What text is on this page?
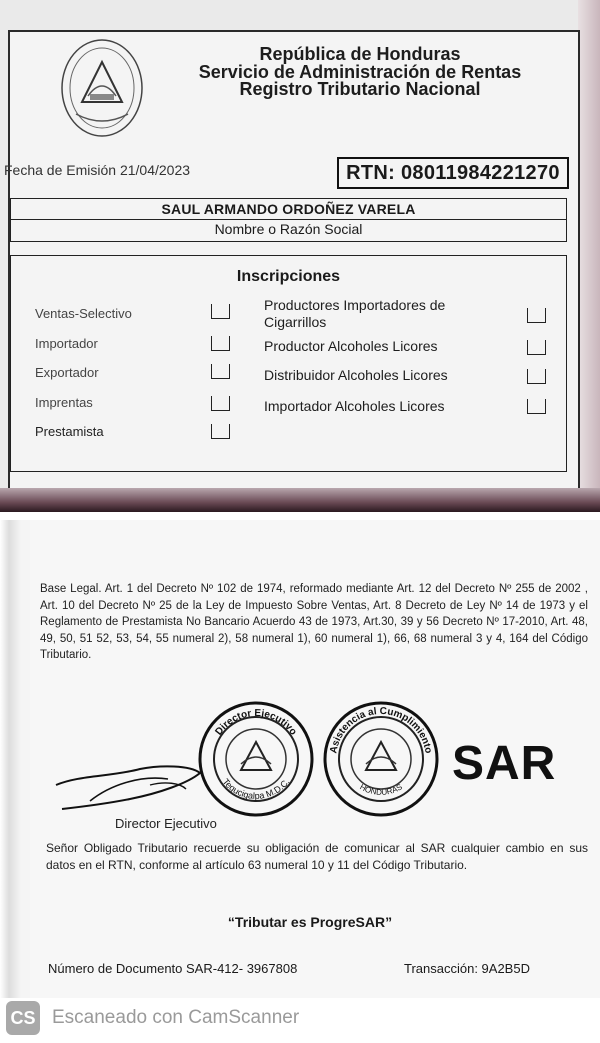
República de Honduras
Servicio de Administración de Rentas
Registro Tributario Nacional
Fecha de Emisión 21/04/2023	RTN: 08011984221270
SAUL ARMANDO ORDOÑEZ VARELA
Nombre o Razón Social
Inscripciones
Ventas-Selectivo
Importador
Exportador
Imprentas
Prestamista
Productores Importadores de Cigarrillos
Productor Alcoholes Licores
Distribuidor Alcoholes Licores
Importador Alcoholes Licores
Base Legal. Art. 1 del Decreto Nº 102 de 1974, reformado mediante Art. 12 del Decreto Nº 255 de 2002 , Art. 10 del Decreto Nº 25 de la Ley de Impuesto Sobre Ventas, Art. 8 Decreto de Ley Nº 14 de 1973 y el Reglamento de Prestamista No Bancario Acuerdo 43 de 1973, Art.30, 39 y 56 Decreto Nº 17-2010, Art. 48, 49, 50, 51 52, 53, 54, 55 numeral 2), 58 numeral 1), 60 numeral 1), 66, 68 numeral 3 y 4, 164 del Código Tributario.
Director Ejecutivo
Tegucigalpa M.D.C.
Asistencia al Cumplimiento
HONDURAS SAR
Director Ejecutivo
Señor Obligado Tributario recuerde su obligación de comunicar al SAR cualquier cambio en sus datos en el RTN, conforme al artículo 63 numeral 10 y 11 del Código Tributario.
“Tributar es ProgreSAR”
Número de Documento SAR-412- 3967808	Transacción: 9A2B5D
CS Escaneado con CamScanner
